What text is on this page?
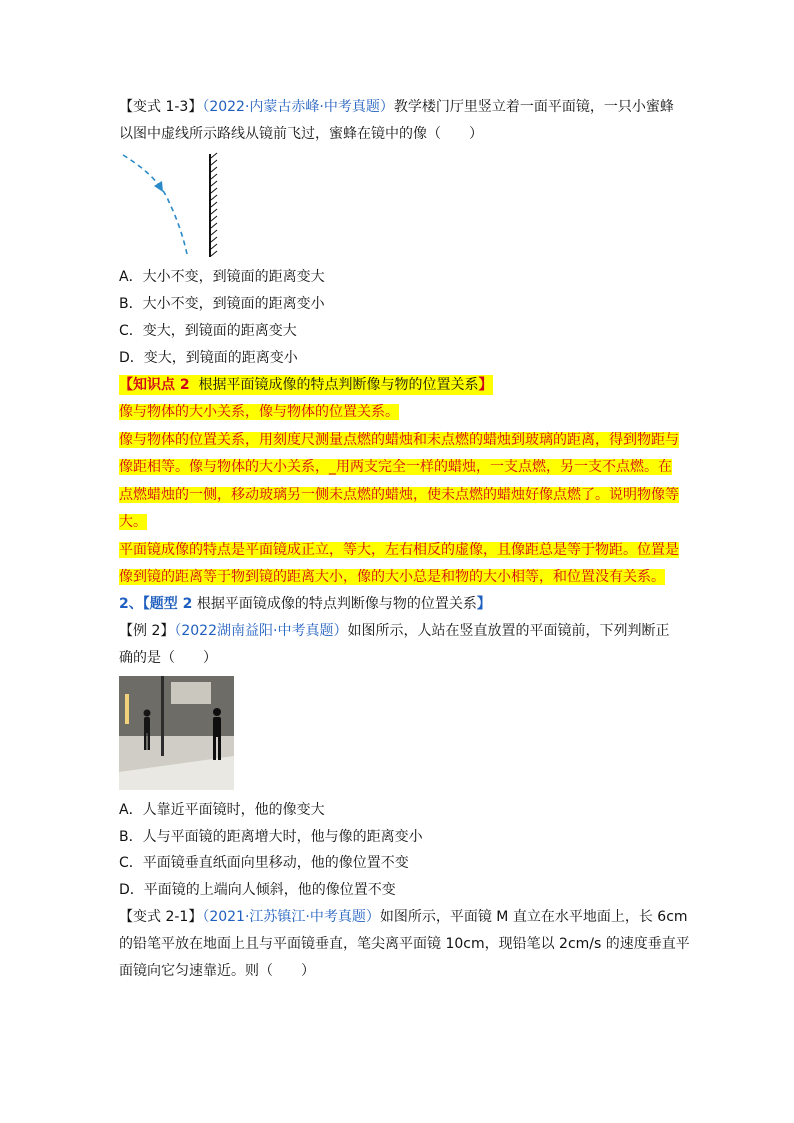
【变式 1-3】（2022·内蒙古赤峰·中考真题）教学楼门厅里竖立着一面平面镜，一只小蜜蜂
以图中虚线所示路线从镜前飞过，蜜蜂在镜中的像（　　）
A．大小不变，到镜面的距离变大
B．大小不变，到镜面的距离变小
C．变大，到镜面的距离变大
D．变大，到镜面的距离变小
【知识点 2 根据平面镜成像的特点判断像与物的位置关系】
像与物体的大小关系，像与物体的位置关系。
像与物体的位置关系，用刻度尺测量点燃的蜡烛和未点燃的蜡烛到玻璃的距离，得到物距与
像距相等。像与物体的大小关系，_用两支完全一样的蜡烛，一支点燃，另一支不点燃。在
点燃蜡烛的一侧，移动玻璃另一侧未点燃的蜡烛，使未点燃的蜡烛好像点燃了。说明物像等
大。
平面镜成像的特点是平面镜成正立，等大，左右相反的虚像，且像距总是等于物距。位置是
像到镜的距离等于物到镜的距离大小，像的大小总是和物的大小相等，和位置没有关系。
2、【题型 2 根据平面镜成像的特点判断像与物的位置关系】
【例 2】（2022湖南益阳·中考真题）如图所示，人站在竖直放置的平面镜前，下列判断正
确的是（　　）
A．人靠近平面镜时，他的像变大
B．人与平面镜的距离增大时，他与像的距离变小
C．平面镜垂直纸面向里移动，他的像位置不变
D．平面镜的上端向人倾斜，他的像位置不变
【变式 2-1】（2021·江苏镇江·中考真题）如图所示，平面镜 M 直立在水平地面上，长 6cm
的铅笔平放在地面上且与平面镜垂直，笔尖离平面镜 10cm，现铅笔以 2cm/s 的速度垂直平
面镜向它匀速靠近。则（　　）
